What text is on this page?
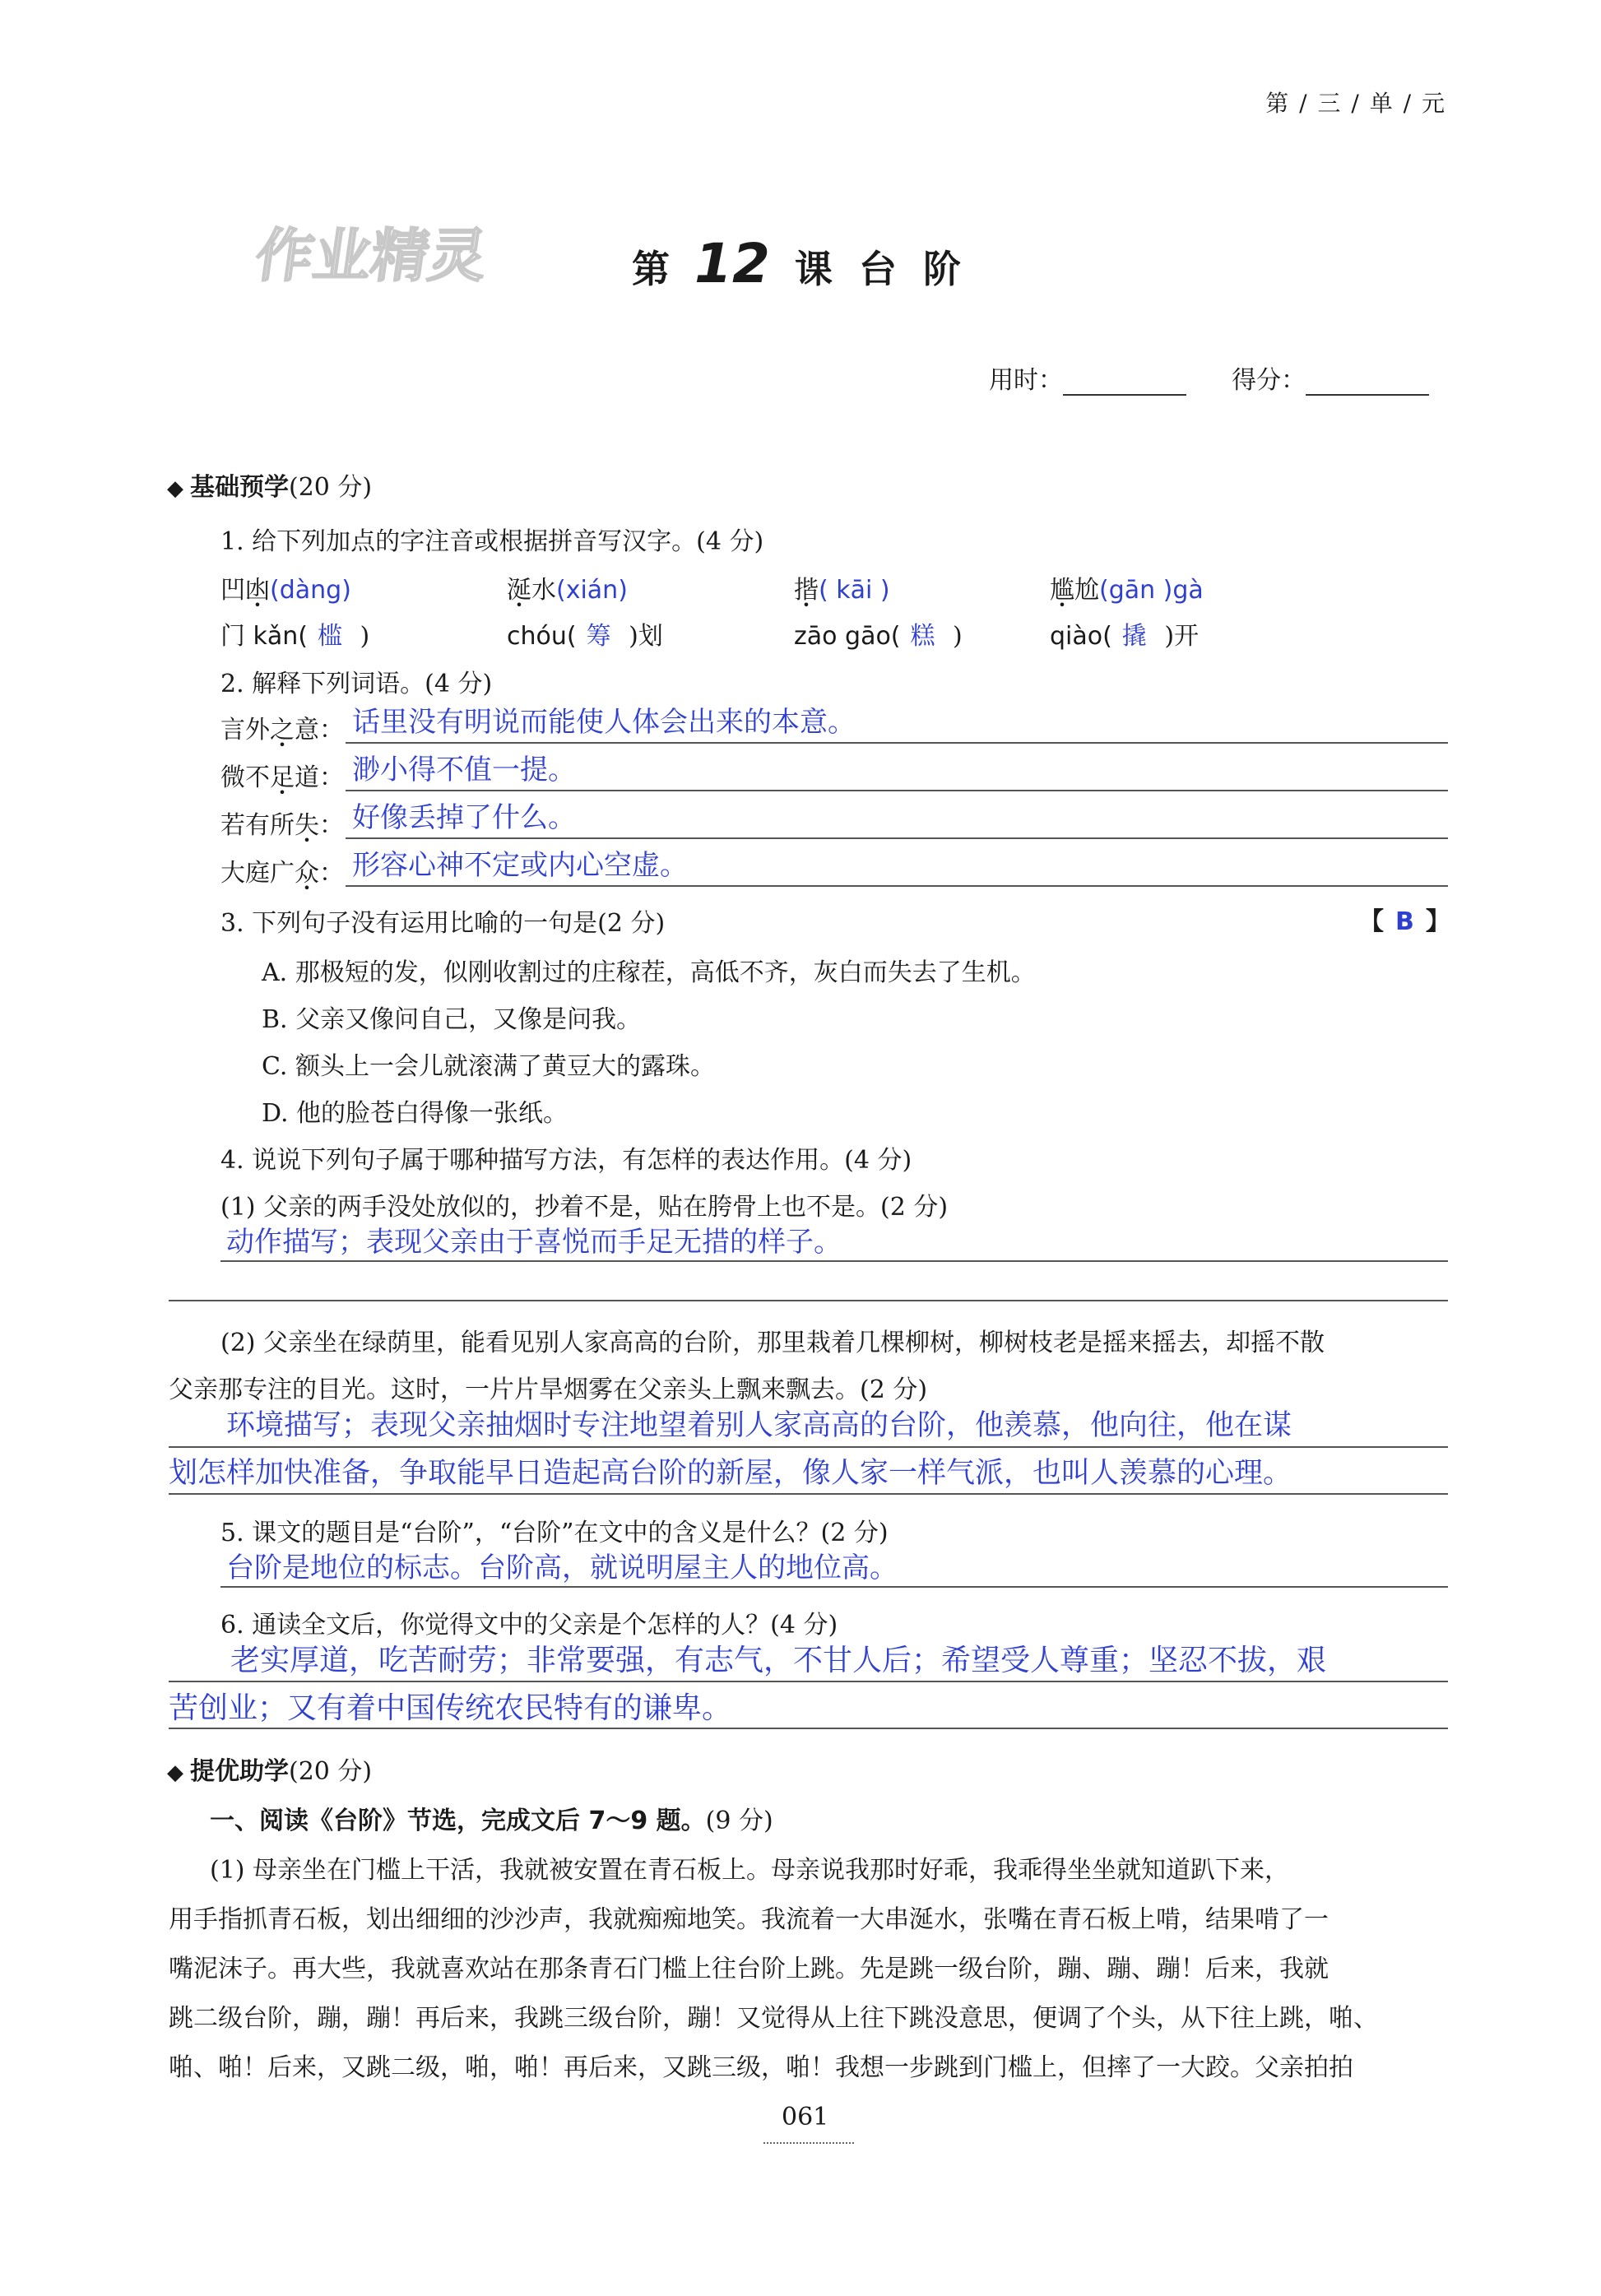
第 / 三 / 单 / 元
作业精灵	第 12 课  台  阶
用时：	得分：
◆ 基础预学(20 分)
1. 给下列加点的字注音或根据拼音写汉字。(4 分)
凹凼(dàng)	涎水(xián)	揩( kāi )	尴尬(gān )gà
门 kǎn( 槛 )	chóu( 筹 )划	zāo gāo( 糕 )	qiào( 撬 )开
2. 解释下列词语。(4 分)
言外之意： 话里没有明说而能使人体会出来的本意。
微不足道： 渺小得不值一提。
若有所失： 好像丢掉了什么。
大庭广众： 形容心神不定或内心空虚。
3. 下列句子没有运用比喻的一句是(2 分)	【 B 】
A. 那极短的发，似刚收割过的庄稼茬，高低不齐，灰白而失去了生机。
B. 父亲又像问自己，又像是问我。
C. 额头上一会儿就滚满了黄豆大的露珠。
D. 他的脸苍白得像一张纸。
4. 说说下列句子属于哪种描写方法，有怎样的表达作用。(4 分)
(1) 父亲的两手没处放似的，抄着不是，贴在胯骨上也不是。(2 分)
动作描写；表现父亲由于喜悦而手足无措的样子。
(2) 父亲坐在绿荫里，能看见别人家高高的台阶，那里栽着几棵柳树，柳树枝老是摇来摇去，却摇不散
父亲那专注的目光。这时，一片片旱烟雾在父亲头上飘来飘去。(2 分)
环境描写；表现父亲抽烟时专注地望着别人家高高的台阶，他羡慕，他向往，他在谋
划怎样加快准备，争取能早日造起高台阶的新屋，像人家一样气派，也叫人羡慕的心理。
5. 课文的题目是“台阶”，“台阶”在文中的含义是什么？(2 分)
台阶是地位的标志。台阶高，就说明屋主人的地位高。
6. 通读全文后，你觉得文中的父亲是个怎样的人？(4 分)
老实厚道，吃苦耐劳；非常要强，有志气，不甘人后；希望受人尊重；坚忍不拔，艰
苦创业；又有着中国传统农民特有的谦卑。
◆ 提优助学(20 分)
一、阅读《台阶》节选，完成文后 7～9 题。(9 分)
(1) 母亲坐在门槛上干活，我就被安置在青石板上。母亲说我那时好乖，我乖得坐坐就知道趴下来，
用手指抓青石板，划出细细的沙沙声，我就痴痴地笑。我流着一大串涎水，张嘴在青石板上啃，结果啃了一
嘴泥沫子。再大些，我就喜欢站在那条青石门槛上往台阶上跳。先是跳一级台阶，蹦、蹦、蹦！后来，我就
跳二级台阶，蹦，蹦！再后来，我跳三级台阶，蹦！又觉得从上往下跳没意思，便调了个头，从下往上跳，啪、
啪、啪！后来，又跳二级，啪，啪！再后来，又跳三级，啪！我想一步跳到门槛上，但摔了一大跤。父亲拍拍
061
